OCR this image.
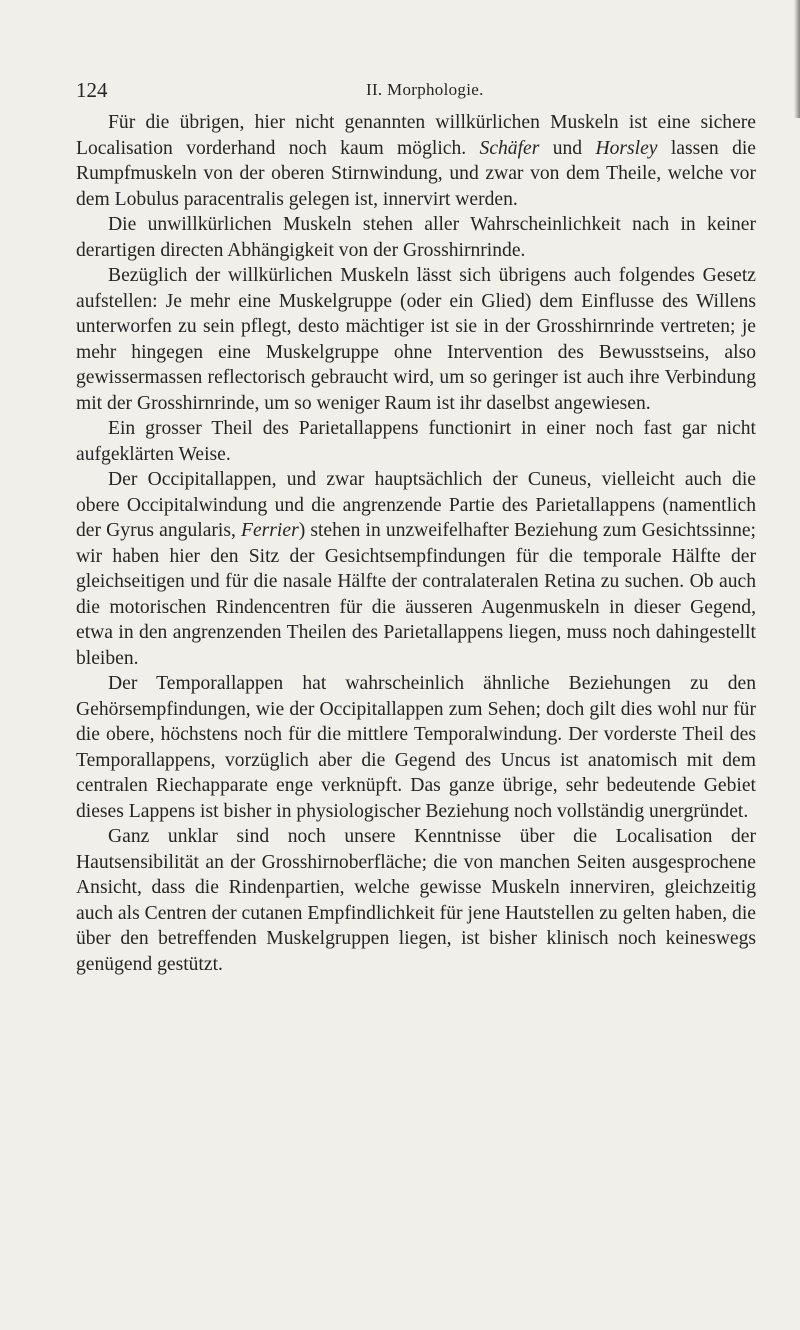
124	II. Morphologie.

Für die übrigen, hier nicht genannten willkürlichen Muskeln ist eine sichere Localisation vorderhand noch kaum möglich. Schäfer und Horsley lassen die Rumpfmuskeln von der oberen Stirnwindung, und zwar von dem Theile, welche vor dem Lobulus paracentralis gelegen ist, innervirt werden.

Die unwillkürlichen Muskeln stehen aller Wahrscheinlichkeit nach in keiner derartigen directen Abhängigkeit von der Grosshirnrinde.

Bezüglich der willkürlichen Muskeln lässt sich übrigens auch folgendes Gesetz aufstellen: Je mehr eine Muskelgruppe (oder ein Glied) dem Einflusse des Willens unterworfen zu sein pflegt, desto mächtiger ist sie in der Grosshirnrinde vertreten; je mehr hingegen eine Muskelgruppe ohne Intervention des Bewusstseins, also gewissermassen reflectorisch gebraucht wird, um so geringer ist auch ihre Verbindung mit der Grosshirnrinde, um so weniger Raum ist ihr daselbst angewiesen.

Ein grosser Theil des Parietallappens functionirt in einer noch fast gar nicht aufgeklärten Weise.

Der Occipitallappen, und zwar hauptsächlich der Cuneus, vielleicht auch die obere Occipitalwindung und die angrenzende Partie des Parietallappens (namentlich der Gyrus angularis, Ferrier) stehen in unzweifelhafter Beziehung zum Gesichtssinne; wir haben hier den Sitz der Gesichtsempfindungen für die temporale Hälfte der gleichseitigen und für die nasale Hälfte der contralateralen Retina zu suchen. Ob auch die motorischen Rindencentren für die äusseren Augenmuskeln in dieser Gegend, etwa in den angrenzenden Theilen des Parietallappens liegen, muss noch dahingestellt bleiben.

Der Temporallappen hat wahrscheinlich ähnliche Beziehungen zu den Gehörsempfindungen, wie der Occipitallappen zum Sehen; doch gilt dies wohl nur für die obere, höchstens noch für die mittlere Temporalwindung. Der vorderste Theil des Temporallappens, vorzüglich aber die Gegend des Uncus ist anatomisch mit dem centralen Riechapparate enge verknüpft. Das ganze übrige, sehr bedeutende Gebiet dieses Lappens ist bisher in physiologischer Beziehung noch vollständig unergründet.

Ganz unklar sind noch unsere Kenntnisse über die Localisation der Hautsensibilität an der Grosshirnoberfläche; die von manchen Seiten ausgesprochene Ansicht, dass die Rindenpartien, welche gewisse Muskeln innerviren, gleichzeitig auch als Centren der cutanen Empfindlichkeit für jene Hautstellen zu gelten haben, die über den betreffenden Muskelgruppen liegen, ist bisher klinisch noch keineswegs genügend gestützt.
